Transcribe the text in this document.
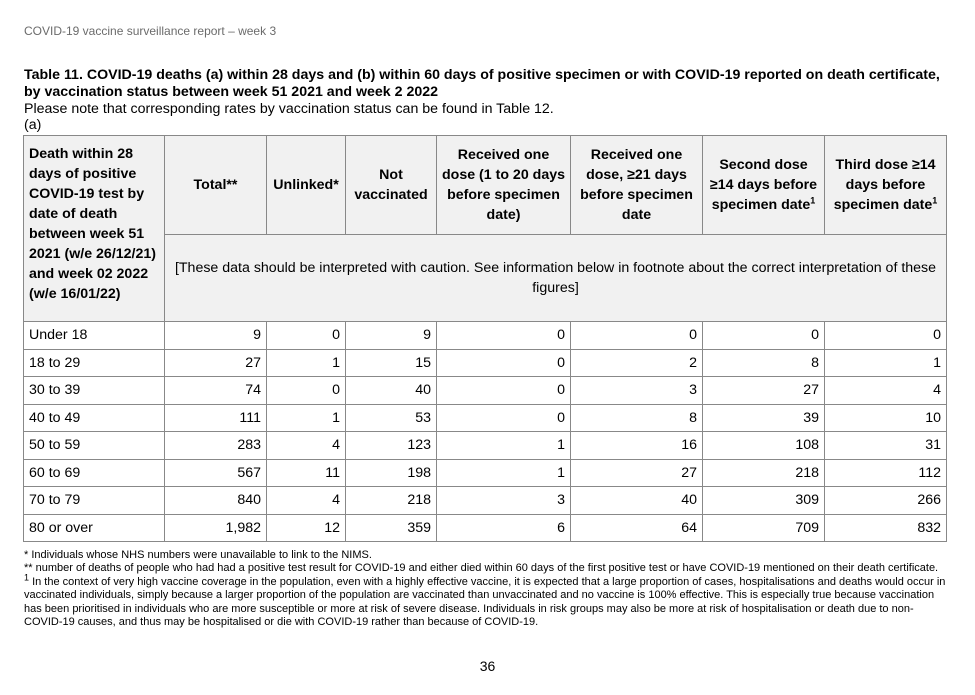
COVID-19 vaccine surveillance report – week 3

Table 11. COVID-19 deaths (a) within 28 days and (b) within 60 days of positive specimen or with COVID-19 reported on death certificate, by vaccination status between week 51 2021 and week 2 2022

Please note that corresponding rates by vaccination status can be found in Table 12.

(a)

Death within 28 days of positive COVID-19 test by date of death between week 51 2021 (w/e 26/12/21) and week 02 2022 (w/e 16/01/22)	Total**	Unlinked*	Not vaccinated	Received one dose (1 to 20 days before specimen date)	Received one dose, ≥21 days before specimen date	Second dose ≥14 days before specimen date$^1$	Third dose ≥14 days before specimen date$^1$
	[These data should be interpreted with caution. See information below in footnote about the correct interpretation of these figures]						
Under 18	9	0	9	0	0	0	0
18 to 29	27	1	15	0	2	8	1
30 to 39	74	0	40	0	3	27	4
40 to 49	111	1	53	0	8	39	10
50 to 59	283	4	123	1	16	108	31
60 to 69	567	11	198	1	27	218	112
70 to 79	840	4	218	3	40	309	266
80 or over	1,982	12	359	6	64	709	832

* Individuals whose NHS numbers were unavailable to link to the NIMS.

** number of deaths of people who had had a positive test result for COVID-19 and either died within 60 days of the first positive test or have COVID-19 mentioned on their death certificate.

$^1$ In the context of very high vaccine coverage in the population, even with a highly effective vaccine, it is expected that a large proportion of cases, hospitalisations and deaths would occur in vaccinated individuals, simply because a larger proportion of the population are vaccinated than unvaccinated and no vaccine is 100% effective. This is especially true because vaccination has been prioritised in individuals who are more susceptible or more at risk of severe disease. Individuals in risk groups may also be more at risk of hospitalisation or death due to non-COVID-19 causes, and thus may be hospitalised or die with COVID-19 rather than because of COVID-19.

36
